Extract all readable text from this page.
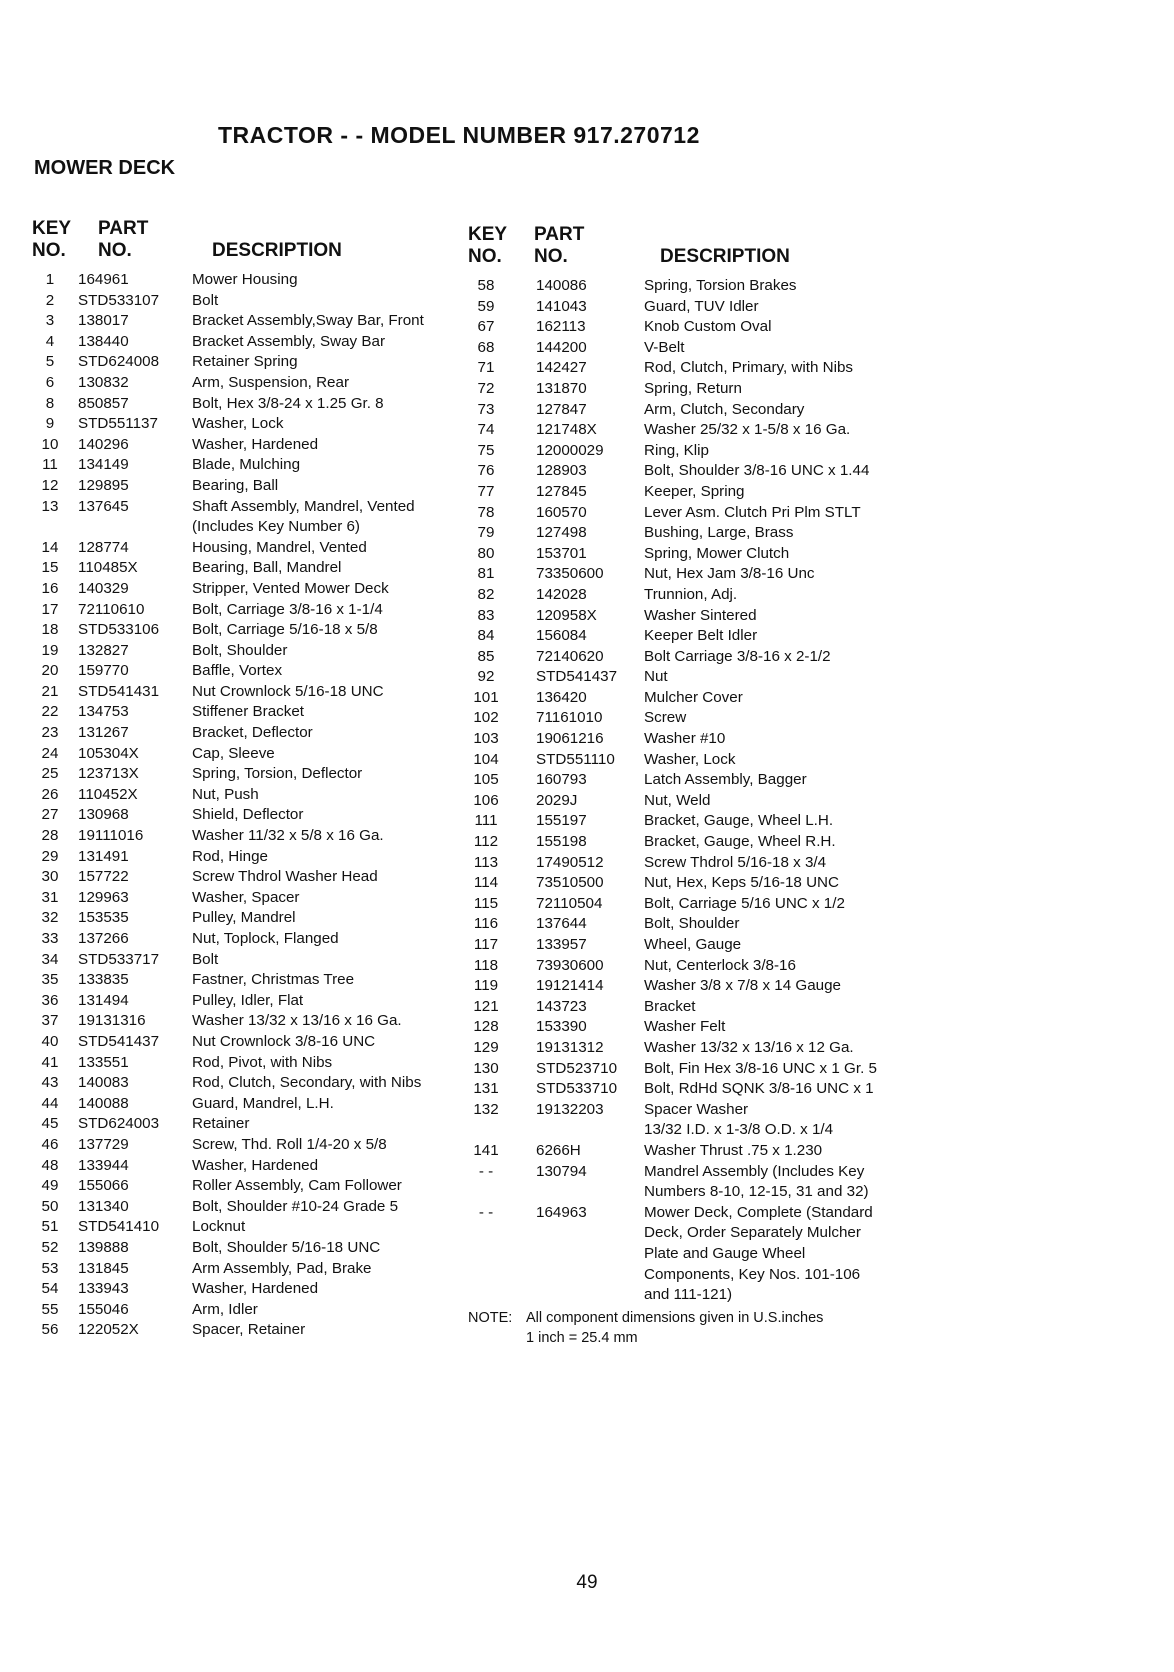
TRACTOR - - MODEL NUMBER 917.270712
MOWER DECK
KEY PART
NO. NO.	DESCRIPTION
1	164961	Mower Housing
2	STD533107	Bolt
3	138017	Bracket Assembly,Sway Bar, Front
4	138440	Bracket Assembly, Sway Bar
5	STD624008	Retainer Spring
6	130832	Arm, Suspension, Rear
8	850857	Bolt, Hex 3/8-24 x 1.25 Gr. 8
9	STD551137	Washer, Lock
10	140296	Washer, Hardened
11	134149	Blade, Mulching
12	129895	Bearing, Ball
13	137645	Shaft Assembly, Mandrel, Vented
(Includes Key Number 6)
14	128774	Housing, Mandrel, Vented
15	110485X	Bearing, Ball, Mandrel
16	140329	Stripper, Vented Mower Deck
17	72110610	Bolt, Carriage 3/8-16 x 1-1/4
18	STD533106	Bolt, Carriage 5/16-18 x 5/8
19	132827	Bolt, Shoulder
20	159770	Baffle, Vortex
21	STD541431	Nut Crownlock 5/16-18 UNC
22	134753	Stiffener Bracket
23	131267	Bracket, Deflector
24	105304X	Cap, Sleeve
25	123713X	Spring, Torsion, Deflector
26	110452X	Nut, Push
27	130968	Shield, Deflector
28	19111016	Washer 11/32 x 5/8 x 16 Ga.
29	131491	Rod, Hinge
30	157722	Screw Thdrol Washer Head
31	129963	Washer, Spacer
32	153535	Pulley, Mandrel
33	137266	Nut, Toplock, Flanged
34	STD533717	Bolt
35	133835	Fastner, Christmas Tree
36	131494	Pulley, Idler, Flat
37	19131316	Washer 13/32 x 13/16 x 16 Ga.
40	STD541437	Nut Crownlock 3/8-16 UNC
41	133551	Rod, Pivot, with Nibs
43	140083	Rod, Clutch, Secondary, with Nibs
44	140088	Guard, Mandrel, L.H.
45	STD624003	Retainer
46	137729	Screw, Thd. Roll 1/4-20 x 5/8
48	133944	Washer, Hardened
49	155066	Roller Assembly, Cam Follower
50	131340	Bolt, Shoulder #10-24 Grade 5
51	STD541410	Locknut
52	139888	Bolt, Shoulder 5/16-18 UNC
53	131845	Arm Assembly, Pad, Brake
54	133943	Washer, Hardened
55	155046	Arm, Idler
56	122052X	Spacer, Retainer
KEY PART
NO. NO.	DESCRIPTION
58	140086	Spring, Torsion Brakes
59	141043	Guard, TUV Idler
67	162113	Knob Custom Oval
68	144200	V-Belt
71	142427	Rod, Clutch, Primary, with Nibs
72	131870	Spring, Return
73	127847	Arm, Clutch, Secondary
74	121748X	Washer 25/32 x 1-5/8 x 16 Ga.
75	12000029	Ring, Klip
76	128903	Bolt, Shoulder 3/8-16 UNC x 1.44
77	127845	Keeper, Spring
78	160570	Lever Asm. Clutch Pri Plm STLT
79	127498	Bushing, Large, Brass
80	153701	Spring, Mower Clutch
81	73350600	Nut, Hex Jam 3/8-16 Unc
82	142028	Trunnion, Adj.
83	120958X	Washer Sintered
84	156084	Keeper Belt Idler
85	72140620	Bolt Carriage 3/8-16 x 2-1/2
92	STD541437	Nut
101	136420	Mulcher Cover
102	71161010	Screw
103	19061216	Washer #10
104	STD551110	Washer, Lock
105	160793	Latch Assembly, Bagger
106	2029J	Nut, Weld
111	155197	Bracket, Gauge, Wheel L.H.
112	155198	Bracket, Gauge, Wheel R.H.
113	17490512	Screw Thdrol 5/16-18 x 3/4
114	73510500	Nut, Hex, Keps 5/16-18 UNC
115	72110504	Bolt, Carriage 5/16 UNC x 1/2
116	137644	Bolt, Shoulder
117	133957	Wheel, Gauge
118	73930600	Nut, Centerlock 3/8-16
119	19121414	Washer 3/8 x 7/8 x 14 Gauge
121	143723	Bracket
128	153390	Washer Felt
129	19131312	Washer 13/32 x 13/16 x 12 Ga.
130	STD523710	Bolt, Fin Hex 3/8-16 UNC x 1 Gr. 5
131	STD533710	Bolt, RdHd SQNK 3/8-16 UNC x 1
132	19132203	Spacer Washer
13/32 I.D. x 1-3/8 O.D. x 1/4
141	6266H	Washer Thrust .75 x 1.230
- -	130794	Mandrel Assembly (Includes Key
Numbers 8-10, 12-15, 31 and 32)
- -	164963	Mower Deck, Complete (Standard
Deck, Order Separately Mulcher
Plate and Gauge Wheel
Components, Key Nos. 101-106
and 111-121)
NOTE: All component dimensions given in U.S.inches
1 inch = 25.4 mm
49
